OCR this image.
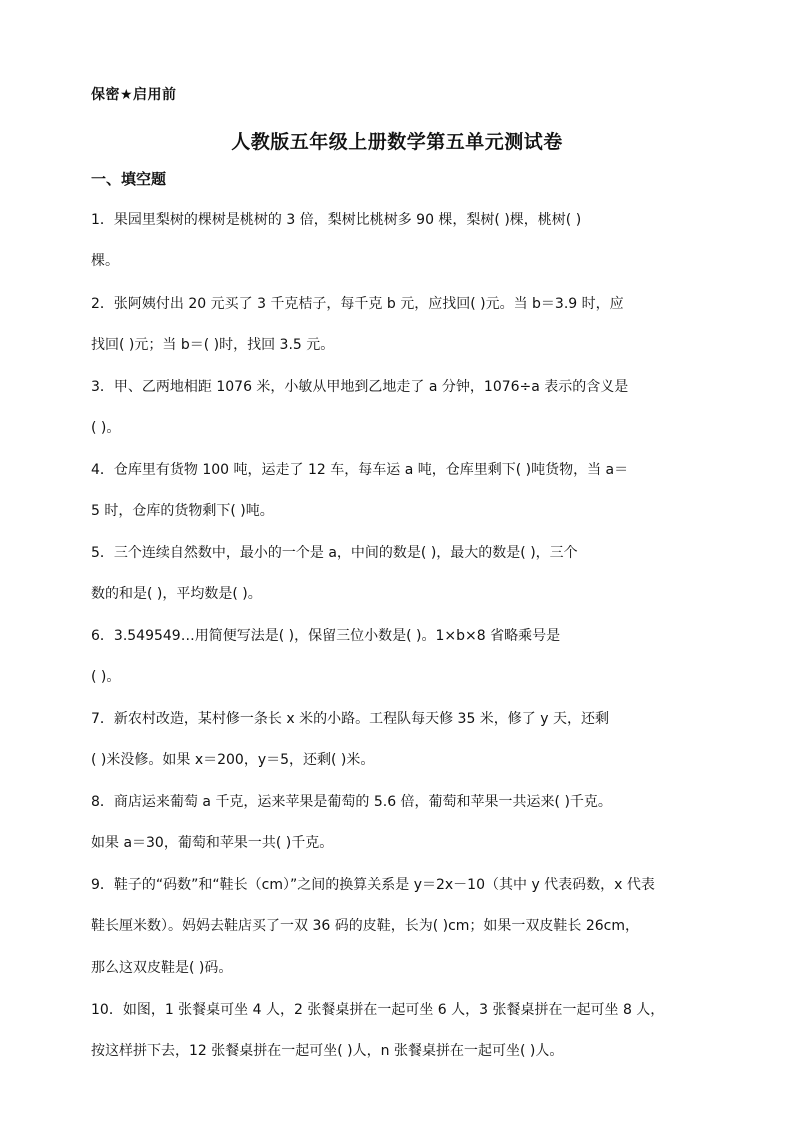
保密★启用前
人教版五年级上册数学第五单元测试卷
一、填空题
1．果园里梨树的棵树是桃树的 3 倍，梨树比桃树多 90 棵，梨树( )棵，桃树( )
棵。
2．张阿姨付出 20 元买了 3 千克桔子，每千克 b 元，应找回( )元。当 b＝3.9 时，应
找回( )元；当 b＝( )时，找回 3.5 元。
3．甲、乙两地相距 1076 米，小敏从甲地到乙地走了 a 分钟，1076÷a 表示的含义是
( )。
4．仓库里有货物 100 吨，运走了 12 车，每车运 a 吨，仓库里剩下( )吨货物，当 a＝
5 时，仓库的货物剩下( )吨。
5．三个连续自然数中，最小的一个是 a，中间的数是( )，最大的数是( )，三个
数的和是( )，平均数是( )。
6．3.549549…用简便写法是( )，保留三位小数是( )。1×b×8 省略乘号是
( )。
7．新农村改造，某村修一条长 x 米的小路。工程队每天修 35 米，修了 y 天，还剩
( )米没修。如果 x＝200，y＝5，还剩( )米。
8．商店运来葡萄 a 千克，运来苹果是葡萄的 5.6 倍，葡萄和苹果一共运来( )千克。
如果 a＝30，葡萄和苹果一共( )千克。
9．鞋子的“码数”和“鞋长（cm）”之间的换算关系是 y＝2x－10（其中 y 代表码数，x 代表
鞋长厘米数）。妈妈去鞋店买了一双 36 码的皮鞋，长为( )cm；如果一双皮鞋长 26cm，
那么这双皮鞋是( )码。
10．如图，1 张餐桌可坐 4 人，2 张餐桌拼在一起可坐 6 人，3 张餐桌拼在一起可坐 8 人，
按这样拼下去，12 张餐桌拼在一起可坐( )人，n 张餐桌拼在一起可坐( )人。
